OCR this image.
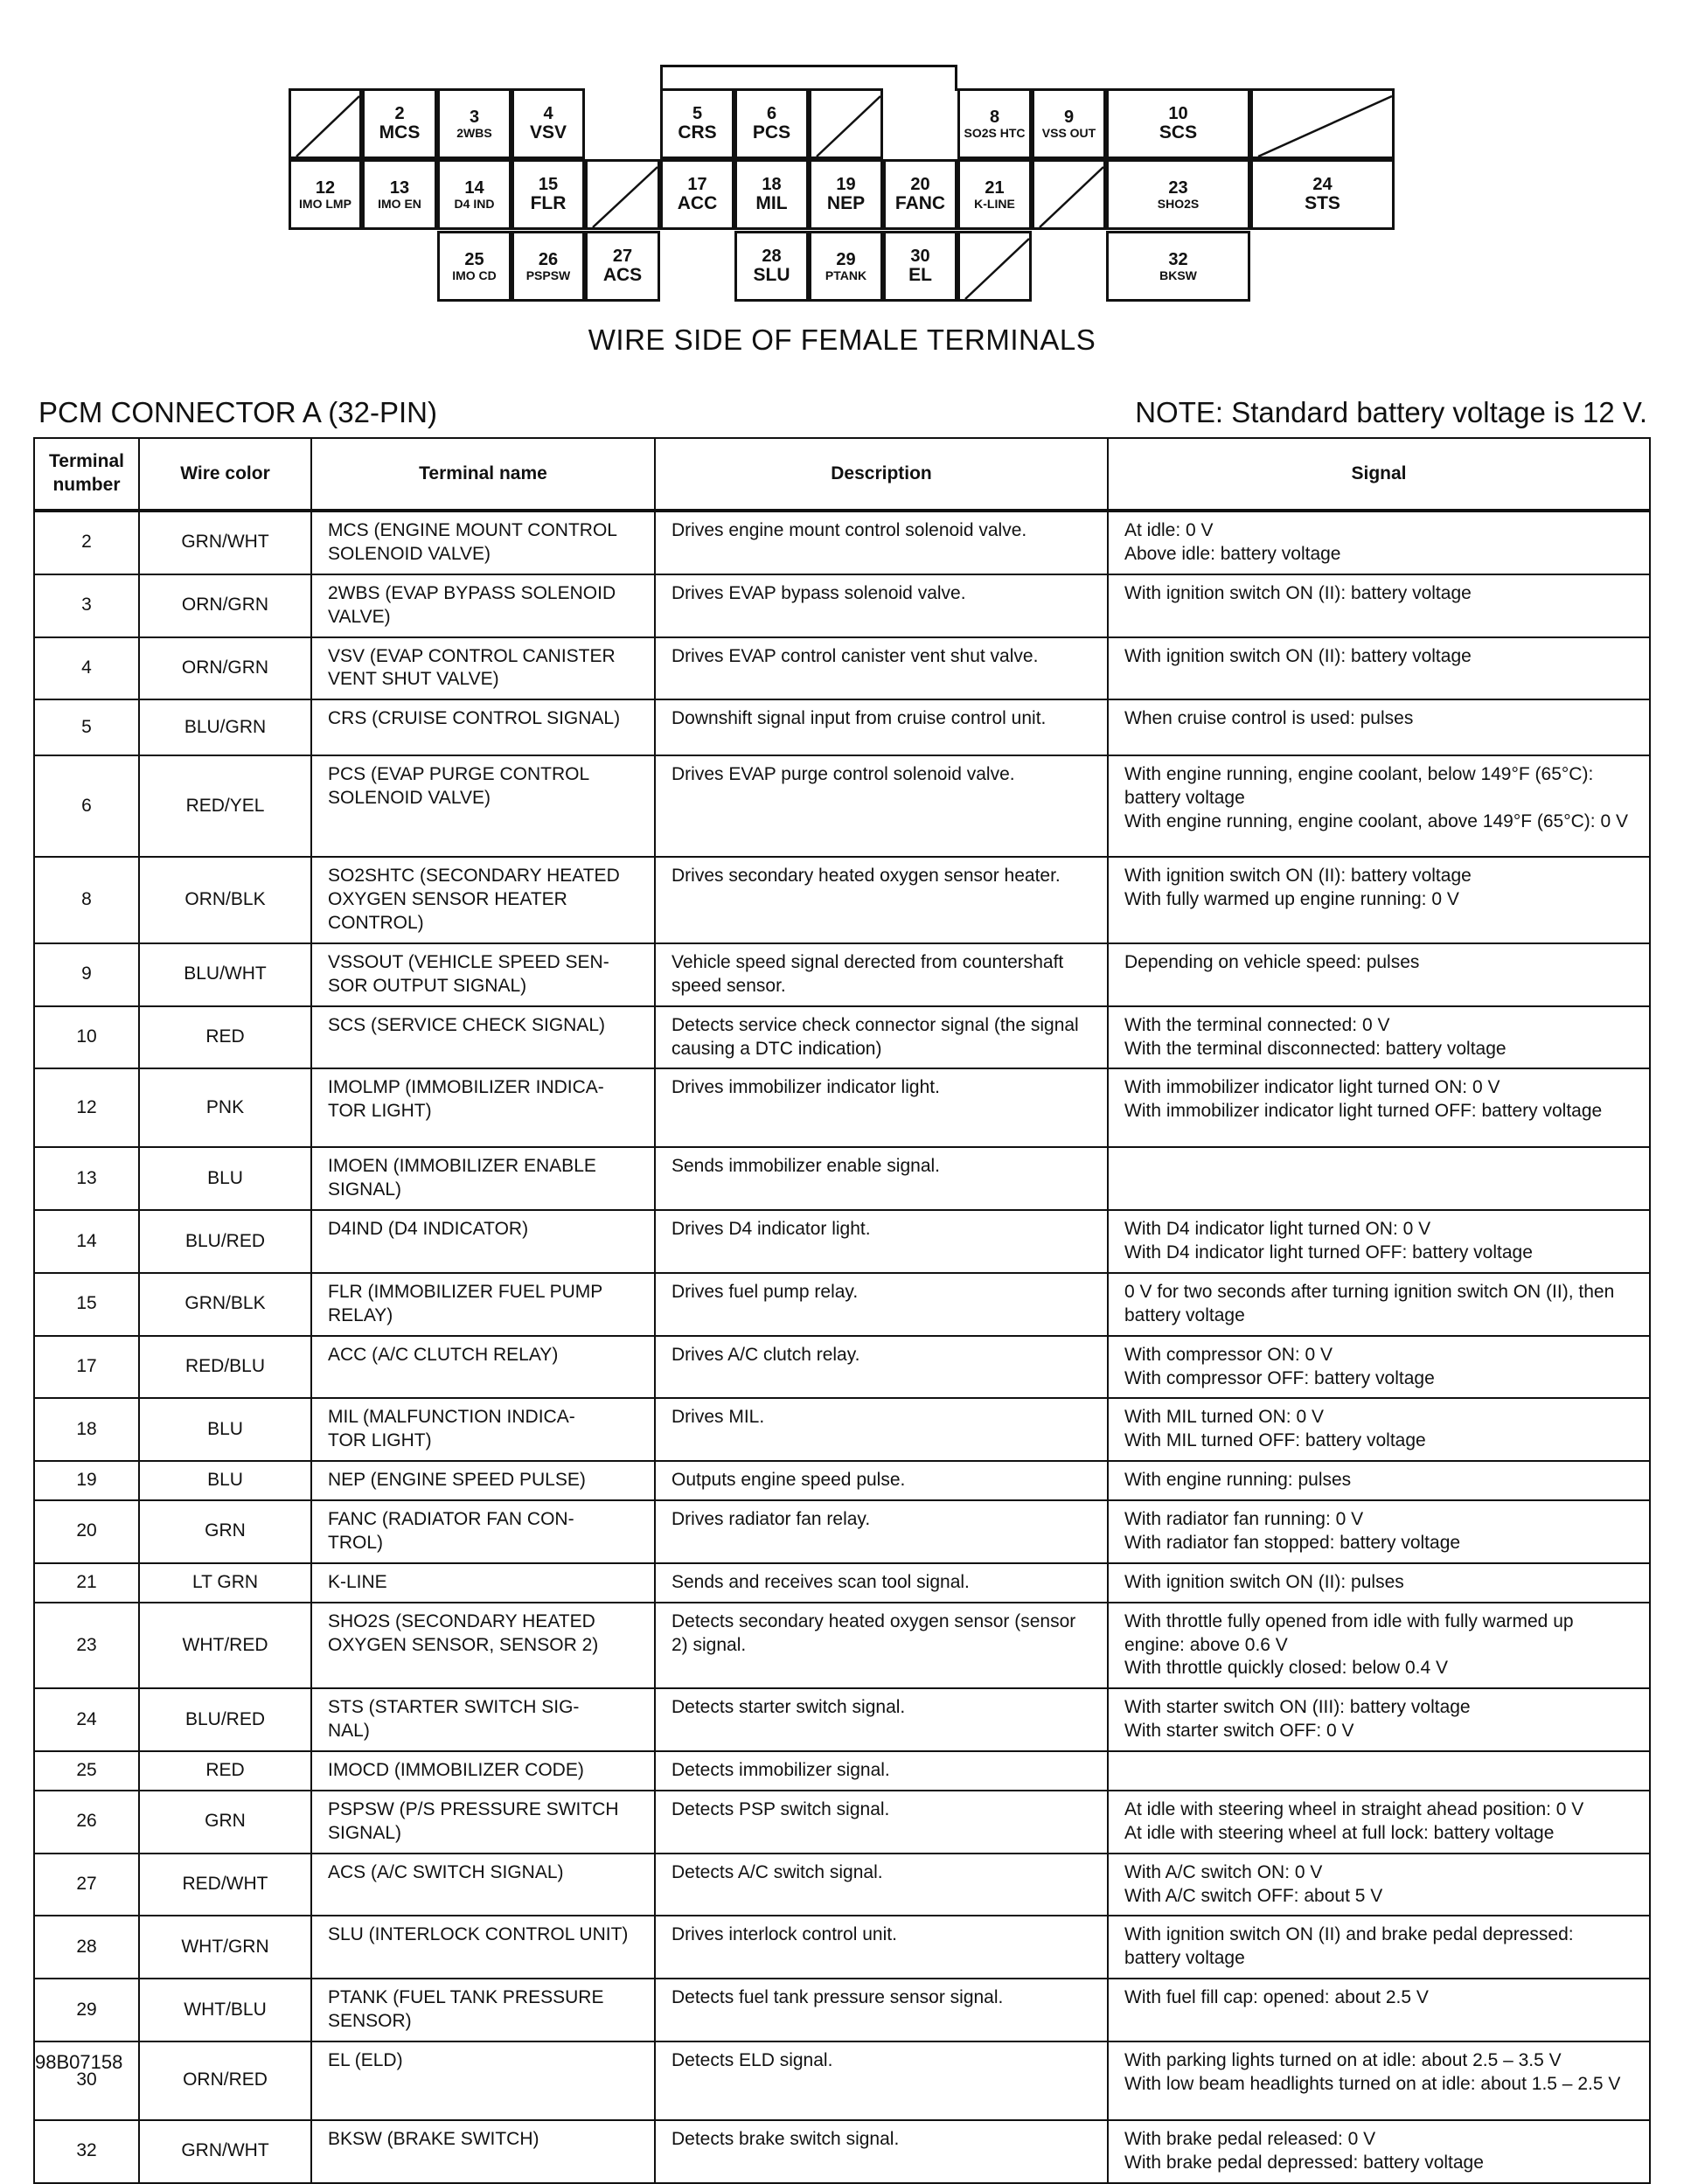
2
MCS
3
2WBS
4
VSV
5
CRS
6
PCS
8
SO2S HTC
9
VSS OUT
10
SCS
12
IMO LMP
13
IMO EN
14
D4 IND
15
FLR
17
ACC
18
MIL
19
NEP
20
FANC
21
K-LINE
23
SHO2S
24
STS
25
IMO CD
26
PSPSW
27
ACS
28
SLU
29
PTANK
30
EL
32
BKSW
WIRE SIDE OF FEMALE TERMINALS
PCM CONNECTOR A (32-PIN)	NOTE: Standard battery voltage is 12 V.
Terminal number	Wire color	Terminal name	Description	Signal
2	GRN/WHT	MCS (ENGINE MOUNT CONTROL SOLENOID VALVE)	Drives engine mount control solenoid valve.	At idle: 0 V
Above idle: battery voltage
3	ORN/GRN	2WBS (EVAP BYPASS SOLENOID VALVE)	Drives EVAP bypass solenoid valve.	With ignition switch ON (II): battery voltage
4	ORN/GRN	VSV (EVAP CONTROL CANISTER VENT SHUT VALVE)	Drives EVAP control canister vent shut valve.	With ignition switch ON (II): battery voltage
5	BLU/GRN	CRS (CRUISE CONTROL SIGNAL)	Downshift signal input from cruise control unit.	When cruise control is used: pulses
6	RED/YEL	PCS (EVAP PURGE CONTROL SOLENOID VALVE)	Drives EVAP purge control solenoid valve.	With engine running, engine coolant, below 149°F (65°C): battery voltage
With engine running, engine coolant, above 149°F (65°C): 0 V
8	ORN/BLK	SO2SHTC (SECONDARY HEATED OXYGEN SENSOR HEATER CONTROL)	Drives secondary heated oxygen sensor heater.	With ignition switch ON (II): battery voltage
With fully warmed up engine running: 0 V
9	BLU/WHT	VSSOUT (VEHICLE SPEED SEN-
SOR OUTPUT SIGNAL)	Vehicle speed signal derected from countershaft speed sensor.	Depending on vehicle speed: pulses
10	RED	SCS (SERVICE CHECK SIGNAL)	Detects service check connector signal (the signal causing a DTC indication)	With the terminal connected: 0 V
With the terminal disconnected: battery voltage
12	PNK	IMOLMP (IMMOBILIZER INDICA-
TOR LIGHT)	Drives immobilizer indicator light.	With immobilizer indicator light turned ON: 0 V
With immobilizer indicator light turned OFF: battery voltage
13	BLU	IMOEN (IMMOBILIZER ENABLE SIGNAL)	Sends immobilizer enable signal.	
14	BLU/RED	D4IND (D4 INDICATOR)	Drives D4 indicator light.	With D4 indicator light turned ON: 0 V
With D4 indicator light turned OFF: battery voltage
15	GRN/BLK	FLR (IMMOBILIZER FUEL PUMP RELAY)	Drives fuel pump relay.	0 V for two seconds after turning ignition switch ON (II), then battery voltage
17	RED/BLU	ACC (A/C CLUTCH RELAY)	Drives A/C clutch relay.	With compressor ON: 0 V
With compressor OFF: battery voltage
18	BLU	MIL (MALFUNCTION INDICA-
TOR LIGHT)	Drives MIL.	With MIL turned ON: 0 V
With MIL turned OFF: battery voltage
19	BLU	NEP (ENGINE SPEED PULSE)	Outputs engine speed pulse.	With engine running: pulses
20	GRN	FANC (RADIATOR FAN CON-
TROL)	Drives radiator fan relay.	With radiator fan running: 0 V
With radiator fan stopped: battery voltage
21	LT GRN	K-LINE	Sends and receives scan tool signal.	With ignition switch ON (II): pulses
23	WHT/RED	SHO2S (SECONDARY HEATED OXYGEN SENSOR, SENSOR 2)	Detects secondary heated oxygen sensor (sensor 2) signal.	With throttle fully opened from idle with fully warmed up engine: above 0.6 V
With throttle quickly closed: below 0.4 V
24	BLU/RED	STS (STARTER SWITCH SIG-
NAL)	Detects starter switch signal.	With starter switch ON (III): battery voltage
With starter switch OFF: 0 V
25	RED	IMOCD (IMMOBILIZER CODE)	Detects immobilizer signal.	
26	GRN	PSPSW (P/S PRESSURE SWITCH SIGNAL)	Detects PSP switch signal.	At idle with steering wheel in straight ahead position: 0 V
At idle with steering wheel at full lock: battery voltage
27	RED/WHT	ACS (A/C SWITCH SIGNAL)	Detects A/C switch signal.	With A/C switch ON: 0 V
With A/C switch OFF: about 5 V
28	WHT/GRN	SLU (INTERLOCK CONTROL UNIT)	Drives interlock control unit.	With ignition switch ON (II) and brake pedal depressed: battery voltage
29	WHT/BLU	PTANK (FUEL TANK PRESSURE SENSOR)	Detects fuel tank pressure sensor signal.	With fuel fill cap: opened: about 2.5 V
30	ORN/RED	EL (ELD)	Detects ELD signal.	With parking lights turned on at idle: about 2.5 – 3.5 V
With low beam headlights turned on at idle: about 1.5 – 2.5 V
32	GRN/WHT	BKSW (BRAKE SWITCH)	Detects brake switch signal.	With brake pedal released: 0 V
With brake pedal depressed: battery voltage
98B07158
